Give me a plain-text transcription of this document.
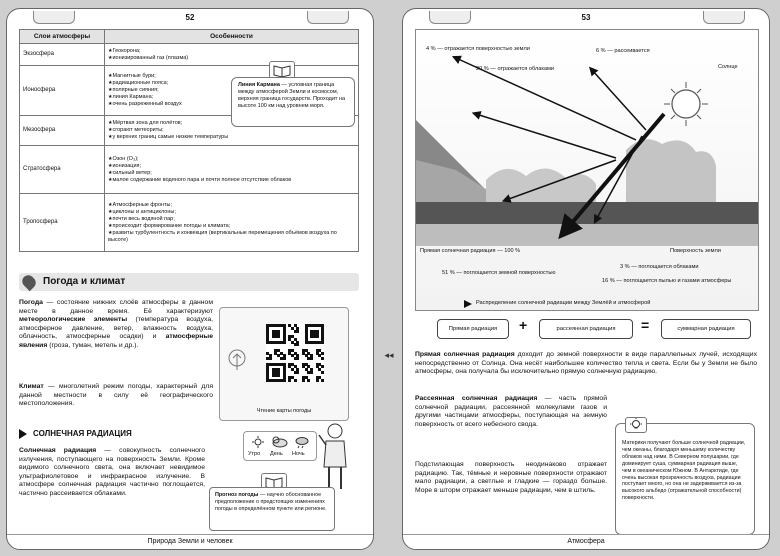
52
Слои атмосферы	Особенности
Экзосфера	★ Геокорона;
★ ионизированный газ (плазма)

Ионосфера	★ Магнитные бури;
★ радиационные пояса;
★ полярные сияния;
★ линия Кармана;
★ очень разреженный воздух

Мезосфера	★ Мёртвая зона для полётов;
★ сгорают метеориты;
★ у верхних границ самые низкие температуры

Стратосфера	★ Озон (O₃);
★ ионизация;
★ сильный ветер;
★ малое содержание водяного пара и почти полное отсутствие облаков

Тропосфера	★ Атмосферные фронты;
★ циклоны и антициклоны;
★ почти весь водяной пар;
★ происходит формирование погоды и климата;
★ развиты турбулентность и конвекция (вертикальные перемещения объёмов воздуха по высоте)
Линия Кармана — условная граница между атмосферой Земли и космосом, верхняя граница государств. Проходит на высоте 100 км над уровнем моря.
Погода и климат
Погода — состояние нижних слоёв атмосферы в данном месте в данное время. Её характеризуют метеорологические элементы (температура воздуха, атмосферное давление, ветер, влажность воздуха, облачность, атмосферные осадки) и атмосферные явления (гроза, туман, метель и др.).
Климат — многолетний режим погоды, характерный для данной местности в силу её географического местоположения.
Чтение карты погоды
СОЛНЕЧНАЯ РАДИАЦИЯ
Солнечная радиация — совокупность солнечного излучения, поступающего на поверхность Земли. Кроме видимого солнечного света, она включает невидимое ультрафиолетовое и инфракрасное излучение. В атмосфере солнечная радиация частично поглощается, частично рассеивается облаками.
Утро День Ночь
Прогноз погоды — научно обоснованное предположение о предстоящих изменениях погоды в определённом пункте или регионе.
Природа Земли и человек
◂◂
53
4 % — отражается поверхностью земли
20 % — отражается облаками
6 % — рассеивается
Солнце
Прямая солнечная радиация — 100 %	Поверхность земли
51 % — поглощается земной поверхностью
3 % — поглощается облаками
16 % — поглощается пылью и газами атмосферы
Распределение солнечной радиации между Землёй и атмосферой
Прямая радиация	+	рассеянная радиация	=	суммарная радиация
Прямая солнечная радиация доходит до земной поверхности в виде параллельных лучей, исходящих непосредственно от Солнца. Она несёт наибольшее количество тепла и света. Если бы у Земли не было атмосферы, она получала бы исключительно прямую солнечную радиацию.
Рассеянная солнечная радиация — часть прямой солнечной радиации, рассеянной молекулами газов и другими частицами атмосферы, поступающая на земную поверхность от всего небесного свода.
Подстилающая поверхность неодинаково отражает радиацию. Так, тёмные и неровные поверхности отражают мало радиации, а светлые и гладкие — гораздо больше. Море в шторм отражает меньше радиации, чем в штиль.
Материки получают больше солнечной радиации, чем океаны, благодаря меньшему количеству облаков над ними. В Северном полушарии, где доминирует суша, суммарная радиация выше, чем в океаническом Южном. В Антарктиде, где очень высокая прозрачность воздуха, радиации поступает много, но она не задерживается из-за высокого альбедо (отражательной способности) поверхности.
Атмосфера
